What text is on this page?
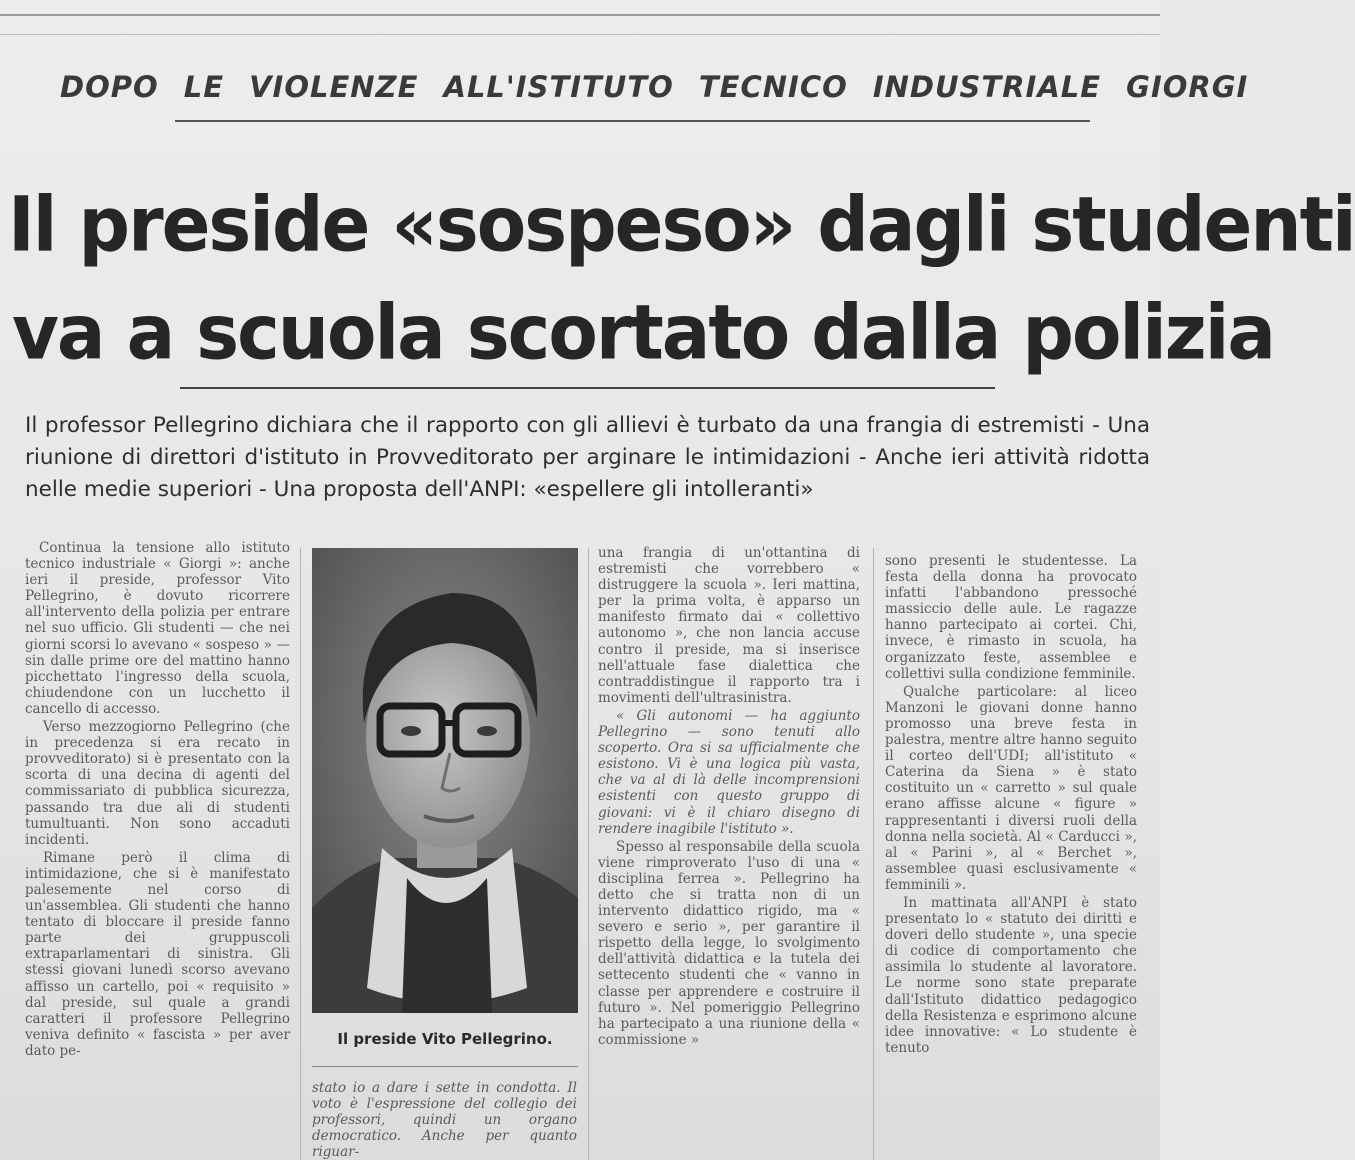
DOPO LE VIOLENZE ALL'ISTITUTO TECNICO INDUSTRIALE GIORGI
Il preside «sospeso» dagli studenti
va a scuola scortato dalla polizia
Il professor Pellegrino dichiara che il rapporto con gli allievi è turbato da una frangia di estremisti - Una riunione di direttori d'istituto in Provveditorato per arginare le intimidazioni - Anche ieri attività ridotta nelle medie superiori - Una proposta dell'ANPI: «espellere gli intolleranti»

Continua la tensione allo istituto tecnico industriale « Giorgi »: anche ieri il preside, professor Vito Pellegrino, è dovuto ricorrere all'intervento della polizia per entrare nel suo ufficio. Gli studenti — che nei giorni scorsi lo avevano « sospeso » — sin dalle prime ore del mattino hanno picchettato l'ingresso della scuola, chiudendone con un lucchetto il cancello di accesso.

Verso mezzogiorno Pellegrino (che in precedenza si era recato in provveditorato) si è presentato con la scorta di una decina di agenti del commissariato di pubblica sicurezza, passando tra due ali di studenti tumultuanti. Non sono accaduti incidenti.

Rimane però il clima di intimidazione, che si è manifestato palesemente nel corso di un'assemblea. Gli studenti che hanno tentato di bloccare il preside fanno parte dei gruppuscoli extraparlamentari di sinistra. Gli stessi giovani lunedì scorso avevano affisso un cartello, poi « requisito » dal preside, sul quale a grandi caratteri il professore Pellegrino veniva definito « fascista » per aver dato pe-

Il preside Vito Pellegrino.

stato io a dare i sette in condotta. Il voto è l'espressione del collegio dei professori, quindi un organo democratico. Anche per quanto riguar-

una frangia di un'ottantina di estremisti che vorrebbero « distruggere la scuola ». Ieri mattina, per la prima volta, è apparso un manifesto firmato dai « collettivo autonomo », che non lancia accuse contro il preside, ma si inserisce nell'attuale fase dialettica che contraddistingue il rapporto tra i movimenti dell'ultrasinistra.

« Gli autonomi — ha aggiunto Pellegrino — sono tenuti allo scoperto. Ora si sa ufficialmente che esistono. Vi è una logica più vasta, che va al di là delle incomprensioni esistenti con questo gruppo di giovani: vi è il chiaro disegno di rendere inagibile l'istituto ».

Spesso al responsabile della scuola viene rimproverato l'uso di una « disciplina ferrea ». Pellegrino ha detto che si tratta non di un intervento didattico rigido, ma « severo e serio », per garantire il rispetto della legge, lo svolgimento dell'attività didattica e la tutela dei settecento studenti che « vanno in classe per apprendere e costruire il futuro ». Nel pomeriggio Pellegrino ha partecipato a una riunione della « commissione »

sono presenti le studentesse. La festa della donna ha provocato infatti l'abbandono pressoché massiccio delle aule. Le ragazze hanno partecipato ai cortei. Chi, invece, è rimasto in scuola, ha organizzato feste, assemblee e collettivi sulla condizione femminile.

Qualche particolare: al liceo Manzoni le giovani donne hanno promosso una breve festa in palestra, mentre altre hanno seguito il corteo dell'UDI; all'istituto « Caterina da Siena » è stato costituito un « carretto » sul quale erano affisse alcune « figure » rappresentanti i diversi ruoli della donna nella società. Al « Carducci », al « Parini », al « Berchet », assemblee quasi esclusivamente « femminili ».

In mattinata all'ANPI è stato presentato lo « statuto dei diritti e doveri dello studente », una specie di codice di comportamento che assimila lo studente al lavoratore. Le norme sono state preparate dall'Istituto didattico pedagogico della Resistenza e esprimono alcune idee innovative: « Lo studente è tenuto
